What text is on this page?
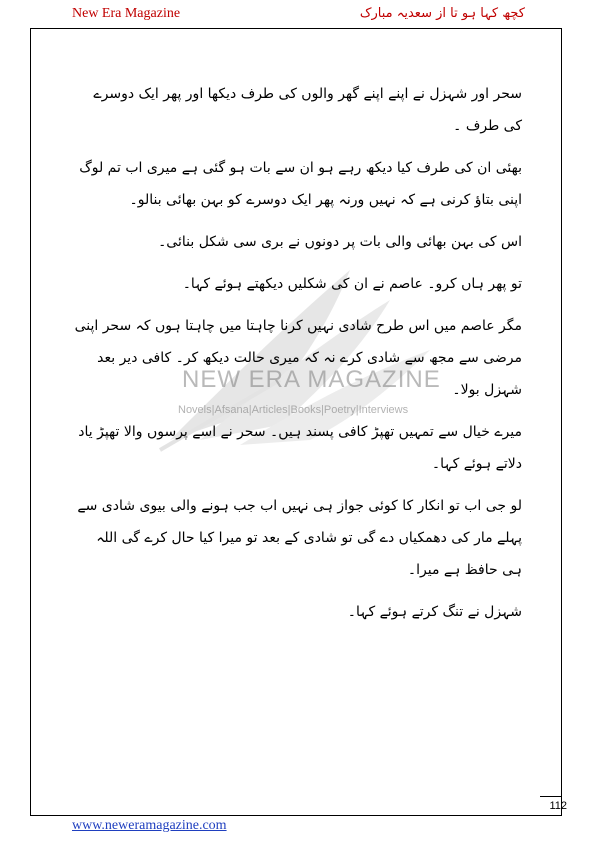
New Era Magazine	کچھ کہا ہو تا از سعدیہ مبارک
NEW ERA MAGAZINE
Novels|Afsana|Articles|Books|Poetry|Interviews

سحر اور شہزل نے اپنے اپنے گھر والوں کی طرف دیکھا اور پھر ایک دوسرے کی طرف ۔

بھئی ان کی طرف کیا دیکھ رہے ہو ان سے بات ہو گئی ہے میری اب تم لوگ اپنی بتاؤ کرنی ہے کہ نہیں ورنہ پھر ایک دوسرے کو بہن بھائی بنالو۔

اس کی بہن بھائی والی بات پر دونوں نے بری سی شکل بنائی۔

تو پھر ہاں کرو۔ عاصم نے ان کی شکلیں دیکھتے ہوئے کہا۔

مگر عاصم میں اس طرح شادی نہیں کرنا چاہتا میں چاہتا ہوں کہ سحر اپنی مرضی سے مجھ سے شادی کرے نہ کہ میری حالت دیکھ کر۔ کافی دیر بعد شہزل بولا۔

میرے خیال سے تمہیں تھپڑ کافی پسند ہیں۔ سحر نے اسے پرسوں والا تھپڑ یاد دلاتے ہوئے کہا۔

لو جی اب تو انکار کا کوئی جواز ہی نہیں اب جب ہونے والی بیوی شادی سے پہلے مار کی دھمکیاں دے گی تو شادی کے بعد تو میرا کیا حال کرے گی اللہ ہی حافظ ہے میرا۔

شہزل نے تنگ کرتے ہوئے کہا۔

112
www.neweramagazine.com
